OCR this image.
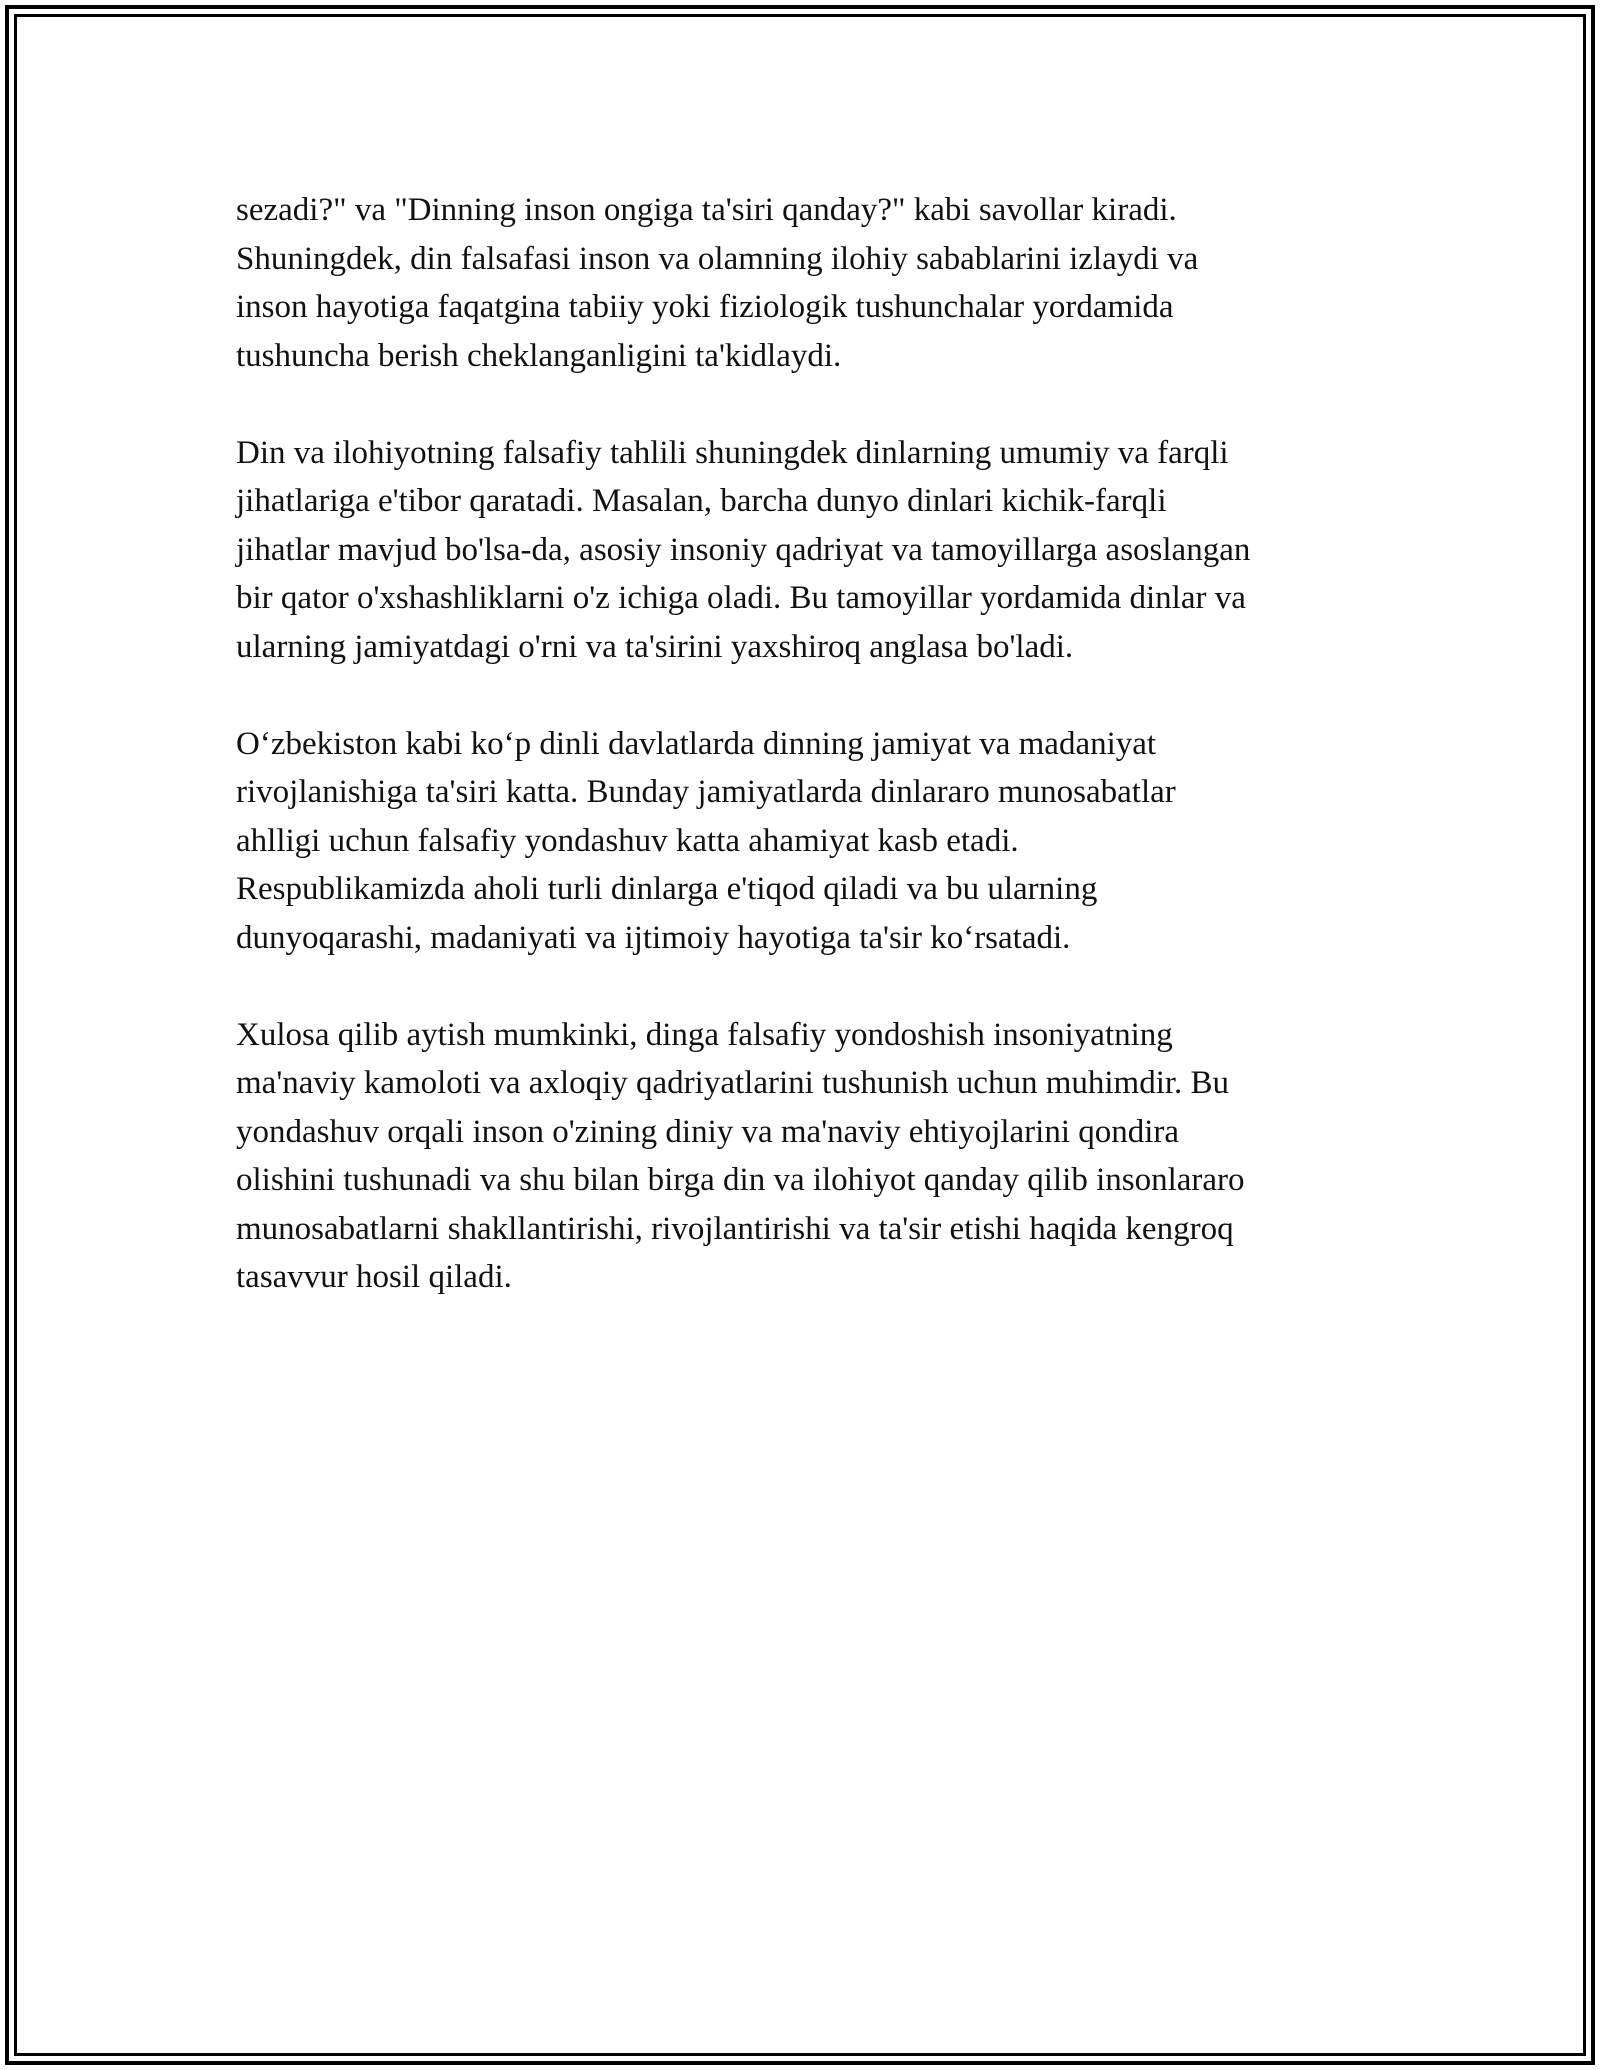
sezadi?" va "Dinning inson ongiga ta'siri qanday?" kabi savollar kiradi.
Shuningdek, din falsafasi inson va olamning ilohiy sabablarini izlaydi va
inson hayotiga faqatgina tabiiy yoki fiziologik tushunchalar yordamida
tushuncha berish cheklanganligini ta'kidlaydi.
Din va ilohiyotning falsafiy tahlili shuningdek dinlarning umumiy va farqli
jihatlariga e'tibor qaratadi. Masalan, barcha dunyo dinlari kichik-farqli
jihatlar mavjud bo'lsa-da, asosiy insoniy qadriyat va tamoyillarga asoslangan
bir qator o'xshashliklarni o'z ichiga oladi. Bu tamoyillar yordamida dinlar va
ularning jamiyatdagi o'rni va ta'sirini yaxshiroq anglasa bo'ladi.
O‘zbekiston kabi ko‘p dinli davlatlarda dinning jamiyat va madaniyat
rivojlanishiga ta'siri katta. Bunday jamiyatlarda dinlararo munosabatlar
ahlligi uchun falsafiy yondashuv katta ahamiyat kasb etadi.
Respublikamizda aholi turli dinlarga e'tiqod qiladi va bu ularning
dunyoqarashi, madaniyati va ijtimoiy hayotiga ta'sir ko‘rsatadi.
Xulosa qilib aytish mumkinki, dinga falsafiy yondoshish insoniyatning
ma'naviy kamoloti va axloqiy qadriyatlarini tushunish uchun muhimdir. Bu
yondashuv orqali inson o'zining diniy va ma'naviy ehtiyojlarini qondira
olishini tushunadi va shu bilan birga din va ilohiyot qanday qilib insonlararo
munosabatlarni shakllantirishi, rivojlantirishi va ta'sir etishi haqida kengroq
tasavvur hosil qiladi.
